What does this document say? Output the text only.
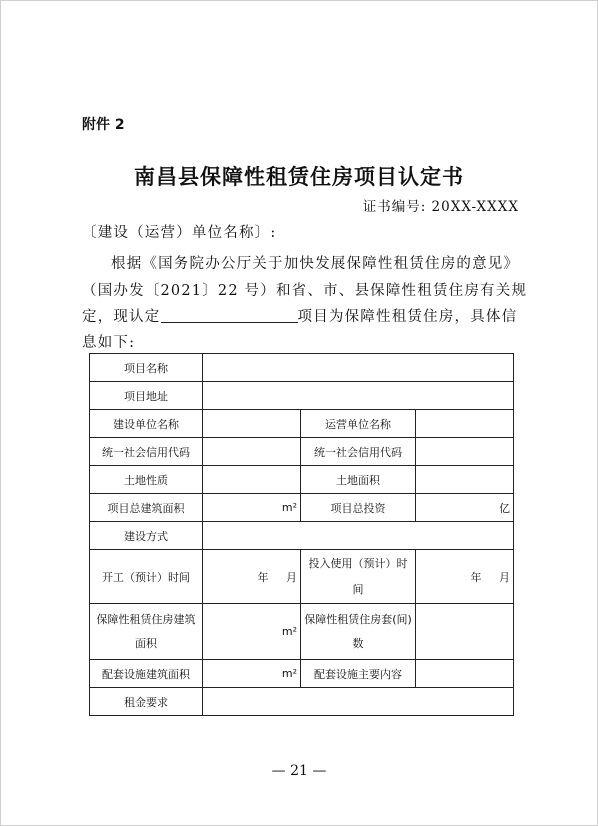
附件 2
南昌县保障性租赁住房项目认定书
证书编号: 20XX-XXXX
〔建设（运营）单位名称〕:
根据《国务院办公厅关于加快发展保障性租赁住房的意见》
（国办发〔2021〕22 号）和省、市、县保障性租赁住房有关规
定，现认定	项目为保障性租赁住房，具体信
息如下:
项目名称			
项目地址			
建设单位名称		运营单位名称	
统一社会信用代码		统一社会信用代码	
土地性质		土地面积	
项目总建筑面积	m²	项目总投资	亿
建设方式			
开工（预计）时间	年 月	投入使用（预计）时间	年 月
保障性租赁住房建筑面积	m²	保障性租赁住房套(间)数	
配套设施建筑面积	m²	配套设施主要内容	
租金要求			
— 21 —
